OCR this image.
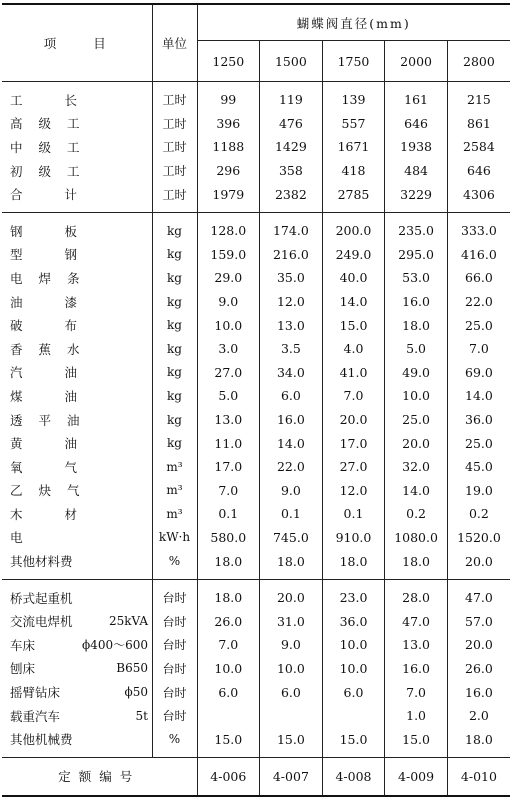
项　　目	单位	蝴蝶阀直径(mm)				
		1250	1500	1750	2000	2800

工长	工时	99	119	139	161	215
高级工	工时	396	476	557	646	861
中级工	工时	1188	1429	1671	1938	2584
初级工	工时	296	358	418	484	646
合计	工时	1979	2382	2785	3229	4306

钢板	kg	128.0	174.0	200.0	235.0	333.0
型钢	kg	159.0	216.0	249.0	295.0	416.0
电焊条	kg	29.0	35.0	40.0	53.0	66.0
油漆	kg	9.0	12.0	14.0	16.0	22.0
破布	kg	10.0	13.0	15.0	18.0	25.0
香蕉水	kg	3.0	3.5	4.0	5.0	7.0
汽油	kg	27.0	34.0	41.0	49.0	69.0
煤油	kg	5.0	6.0	7.0	10.0	14.0
透平油	kg	13.0	16.0	20.0	25.0	36.0
黄油	kg	11.0	14.0	17.0	20.0	25.0
氧气	m³	17.0	22.0	27.0	32.0	45.0
乙炔气	m³	7.0	9.0	12.0	14.0	19.0
木材	m³	0.1	0.1	0.1	0.2	0.2
电	kW·h	580.0	745.0	910.0	1080.0	1520.0
其他材料费	%	18.0	18.0	18.0	18.0	20.0

桥式起重机	台时	18.0	20.0	23.0	28.0	47.0

交流电焊机 25kVA	台时	26.0	31.0	36.0	47.0	57.0

车床 ϕ400～600	台时	7.0	9.0	10.0	13.0	20.0

刨床 B650	台时	10.0	10.0	10.0	16.0	26.0

摇臂钻床 ϕ50	台时	6.0	6.0	6.0	7.0	16.0

载重汽车 5t	台时				1.0	2.0

其他机械费	%	15.0	15.0	15.0	15.0	18.0

定额编号		4-006	4-007	4-008	4-009	4-010
